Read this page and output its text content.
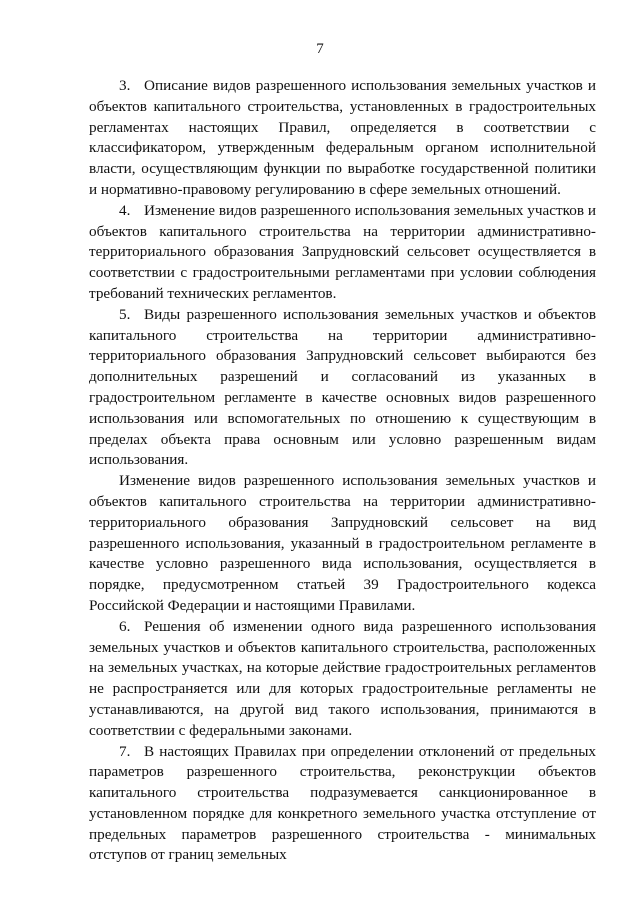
7

3. Описание видов разрешенного использования земельных участков и объектов капитального строительства, установленных в градостроительных регламентах настоящих Правил, определяется в соответствии с классификатором, утвержденным федеральным органом исполнительной власти, осуществляющим функции по выработке государственной политики и нормативно-правовому регулированию в сфере земельных отношений.

4. Изменение видов разрешенного использования земельных участков и объектов капитального строительства на территории административно-территориального образования Запрудновский сельсовет осуществляется в соответствии с градостроительными регламентами при условии соблюдения требований технических регламентов.

5. Виды разрешенного использования земельных участков и объектов капитального строительства на территории административно-территориального образования Запрудновский сельсовет выбираются без дополнительных разрешений и согласований из указанных в градостроительном регламенте в качестве основных видов разрешенного использования или вспомогательных по отношению к существующим в пределах объекта права основным или условно разрешенным видам использования.

Изменение видов разрешенного использования земельных участков и объектов капитального строительства на территории административно-территориального образования Запрудновский сельсовет на вид разрешенного использования, указанный в градостроительном регламенте в качестве условно разрешенного вида использования, осуществляется в порядке, предусмотренном статьей 39 Градостроительного кодекса Российской Федерации и настоящими Правилами.

6. Решения об изменении одного вида разрешенного использования земельных участков и объектов капитального строительства, расположенных на земельных участках, на которые действие градостроительных регламентов не распространяется или для которых градостроительные регламенты не устанавливаются, на другой вид такого использования, принимаются в соответствии с федеральными законами.

7. В настоящих Правилах при определении отклонений от предельных параметров разрешенного строительства, реконструкции объектов капитального строительства подразумевается санкционированное в установленном порядке для конкретного земельного участка отступление от предельных параметров разрешенного строительства - минимальных отступов от границ земельных
